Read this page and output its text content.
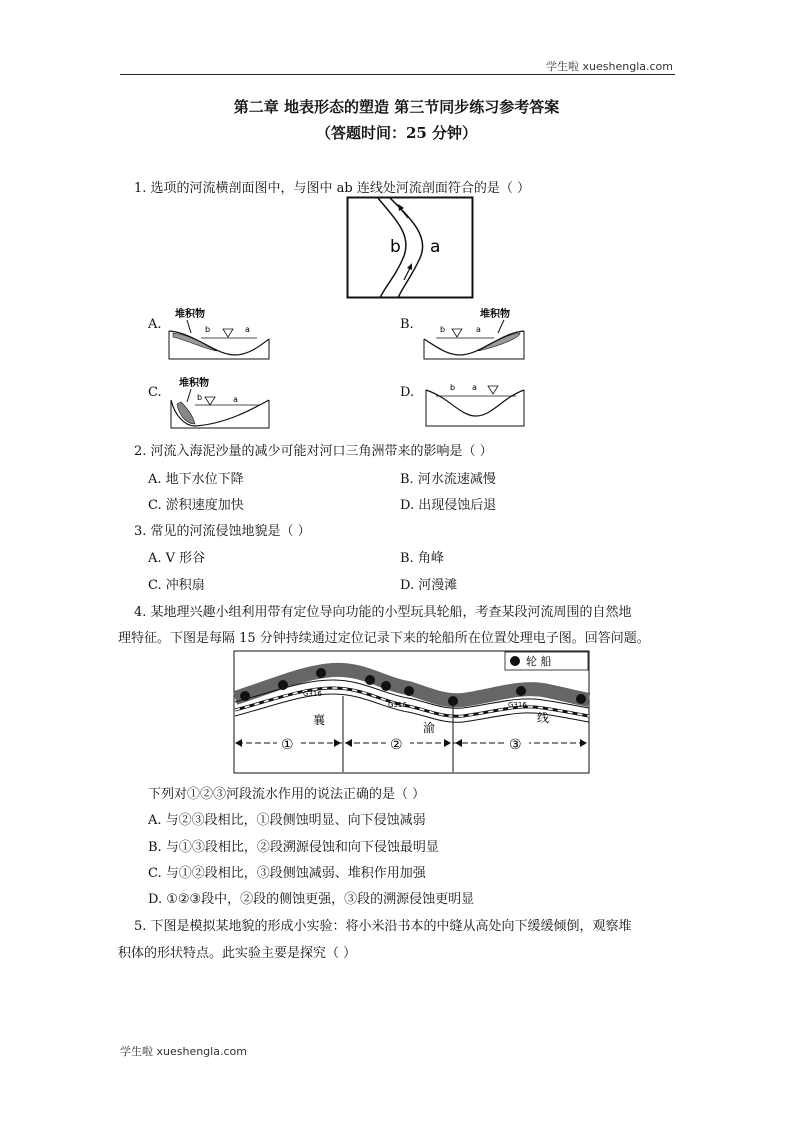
学生啦 xueshengla.com
第二章 地表形态的塑造 第三节同步练习参考答案
（答题时间：25 分钟）
1. 选项的河流横剖面图中，与图中 ab 连线处河流剖面符合的是（ ）
b a
A.
堆积物
b	a	B.
堆积物
b	a
C.
堆积物
b	a	D.	b a
2. 河流入海泥沙量的减少可能对河口三角洲带来的影响是（ ）
A. 地下水位下降	B. 河水流速减慢
C. 淤积速度加快	D. 出现侵蚀后退
3. 常见的河流侵蚀地貌是（ ）
A. V 形谷	B. 角峰
C. 冲积扇	D. 河漫滩
4. 某地理兴趣小组利用带有定位导向功能的小型玩具轮船，考查某段河流周围的自然地
理特征。下图是每隔 15 分钟持续通过定位记录下来的轮船所在位置处理电子图。回答问题。
轮 船
G316
G316	G316
襄
渝
线
①	②	③
下列对①②③河段流水作用的说法正确的是（ ）
A. 与②③段相比，①段侧蚀明显、向下侵蚀减弱
B. 与①③段相比，②段溯源侵蚀和向下侵蚀最明显
C. 与①②段相比，③段侧蚀减弱、堆积作用加强
D. ①②③段中，②段的侧蚀更强，③段的溯源侵蚀更明显
5. 下图是模拟某地貌的形成小实验：将小米沿书本的中缝从高处向下缓缓倾倒，观察堆
积体的形状特点。此实验主要是探究（ ）
学生啦 xueshengla.com
